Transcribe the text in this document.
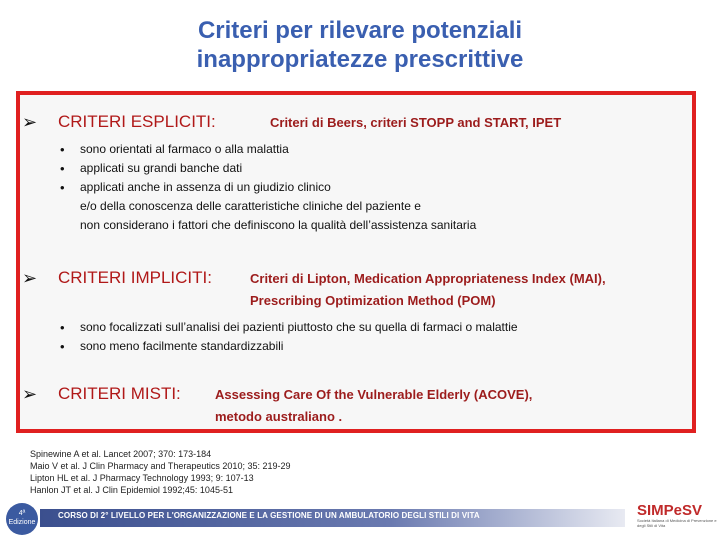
Criteri per rilevare potenziali
inappropriatezze prescrittive
➢ CRITERI ESPLICITI:	Criteri di Beers, criteri STOPP and START, IPET
• sono orientati al farmaco o alla malattia
• applicati su grandi banche dati
• applicati anche in assenza di un giudizio clinico
e/o della conoscenza delle caratteristiche cliniche del paziente e
non considerano i fattori che definiscono la qualità dell’assistenza sanitaria
➢ CRITERI IMPLICITI:	Criteri di Lipton, Medication Appropriateness Index (MAI),
Prescribing Optimization Method (POM)
• sono focalizzati sull’analisi dei pazienti piuttosto che su quella di farmaci o malattie
• sono meno facilmente standardizzabili
➢ CRITERI MISTI:	Assessing Care Of the Vulnerable Elderly (ACOVE),
metodo australiano .
Spinewine A et al. Lancet 2007; 370: 173-184
Maio V et al. J Clin Pharmacy and Therapeutics 2010; 35: 219-29
Lipton HL et al. J Pharmacy Technology 1993; 9: 107-13
Hanlon JT et al. J Clin Epidemiol 1992;45: 1045-51
4ª
Edizione
CORSO DI 2° LIVELLO PER L'ORGANIZZAZIONE E LA GESTIONE DI UN AMBULATORIO DEGLI STILI DI VITA	SIMPeSV
Società Italiana di Medicina di Prevenzione e degli Stili di Vita
